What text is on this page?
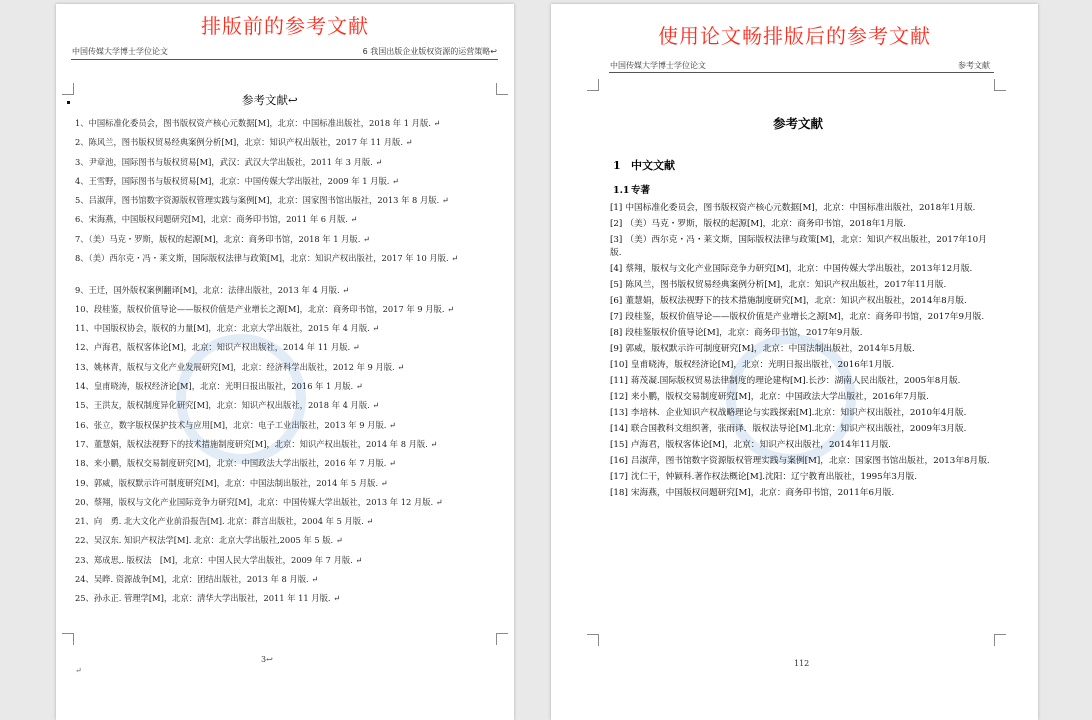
排版前的参考文献
中国传媒大学博士学位论文	6 我国出版企业版权资源的运营策略↩
参考文献↩
1、中国标准化委员会，图书版权资产核心元数据[M]，北京：中国标准出版社，2018 年 1 月版. ↵
2、陈风兰，图书版权贸易经典案例分析[M]，北京：知识产权出版社，2017 年 11 月版. ↵
3、尹章池，国际图书与版权贸易[M]，武汉：武汉大学出版社，2011 年 3 月版. ↵
4、王雪野，国际图书与版权贸易[M]，北京：中国传媒大学出版社，2009 年 1 月版. ↵
5、吕淑萍，图书馆数字资源版权管理实践与案例[M]，北京：国家图书馆出版社，2013 年 8 月版. ↵
6、宋海燕，中国版权问题研究[M]，北京：商务印书馆，2011 年 6 月版. ↵
7、（美）马克・罗斯，版权的起源[M]，北京：商务印书馆，2018 年 1 月版. ↵
8、（美）西尔克・冯・莱文斯，国际版权法律与政策[M]，北京：知识产权出版社，2017 年 10 月版. ↵
9、王迁，国外版权案例翻译[M]，北京：法律出版社，2013 年 4 月版. ↵
10、段桂鉴，版权价值导论——版权价值是产业增长之源[M]，北京：商务印书馆，2017 年 9 月版. ↵
11、中国版权协会，版权的力量[M]，北京：北京大学出版社，2015 年 4 月版. ↵
12、卢海君，版权客体论[M]，北京：知识产权出版社，2014 年 11 月版. ↵
13、姚林青，版权与文化产业发展研究[M]，北京：经济科学出版社，2012 年 9 月版. ↵
14、皇甫晓涛，版权经济论[M]，北京：光明日报出版社，2016 年 1 月版. ↵
15、王洪友，版权制度异化研究[M]，北京：知识产权出版社，2018 年 4 月版. ↵
16、张立，数字版权保护技术与应用[M]，北京：电子工业出版社，2013 年 9 月版. ↵
17、董慧娟，版权法视野下的技术措施制度研究[M]，北京：知识产权出版社，2014 年 8 月版. ↵
18、来小鹏，版权交易制度研究[M]，北京：中国政法大学出版社，2016 年 7 月版. ↵
19、郭威，版权默示许可制度研究[M]，北京：中国法制出版社，2014 年 5 月版. ↵
20、蔡翔，版权与文化产业国际竞争力研究[M]，北京：中国传媒大学出版社，2013 年 12 月版. ↵
21、向　勇. 北大文化产业前沿报告[M]. 北京：群言出版社，2004 年 5 月版. ↵
22、吴汉东. 知识产权法学[M]. 北京：北京大学出版社,2005 年 5 版. ↵
23、郑成思,. 版权法　[M]，北京：中国人民大学出版社，2009 年 7 月版. ↵
24、吴晔. 资源战争[M]，北京：团结出版社，2013 年 8 月版. ↵
25、孙永正. 管理学[M]，北京：清华大学出版社，2011 年 11 月版. ↵
3↩
↵
使用论文畅排版后的参考文献
中国传媒大学博士学位论文	参考文献
参考文献
1 中文文献
1.1专著
[1] 中国标准化委员会，图书版权资产核心元数据[M]，北京：中国标准出版社，2018年1月版.
[2] （美）马克・罗斯，版权的起源[M]，北京：商务印书馆，2018年1月版.
[3] （美）西尔克・冯・莱文斯，国际版权法律与政策[M]，北京：知识产权出版社，2017年10月版.
[4] 蔡翔，版权与文化产业国际竞争力研究[M]，北京：中国传媒大学出版社，2013年12月版.
[5] 陈风兰，图书版权贸易经典案例分析[M]，北京：知识产权出版社，2017年11月版.
[6] 董慧娟，版权法视野下的技术措施制度研究[M]，北京：知识产权出版社，2014年8月版.
[7] 段桂鉴，版权价值导论——版权价值是产业增长之源[M]，北京：商务印书馆，2017年9月版.
[8] 段桂鉴版权价值导论[M]，北京：商务印书馆，2017年9月版.
[9] 郭威，版权默示许可制度研究[M]，北京：中国法制出版社，2014年5月版.
[10] 皇甫晓涛，版权经济论[M]，北京：光明日报出版社，2016年1月版.
[11] 蒋茂凝.国际版权贸易法律制度的理论建构[M].长沙：湖南人民出版社，2005年8月版.
[12] 来小鹏，版权交易制度研究[M]，北京：中国政法大学出版社，2016年7月版.
[13] 李培林．企业知识产权战略理论与实践探索[M].北京：知识产权出版社，2010年4月版.
[14] 联合国教科文组织著，张雨译．版权法导论[M].北京：知识产权出版社，2009年3月版.
[15] 卢海君，版权客体论[M]，北京：知识产权出版社，2014年11月版.
[16] 吕淑萍，图书馆数字资源版权管理实践与案例[M]，北京：国家图书馆出版社，2013年8月版.
[17] 沈仁干，钟颖科.著作权法概论[M].沈阳：辽宁教育出版社，1995年3月版.
[18] 宋海燕，中国版权问题研究[M]，北京：商务印书馆，2011年6月版.
112
